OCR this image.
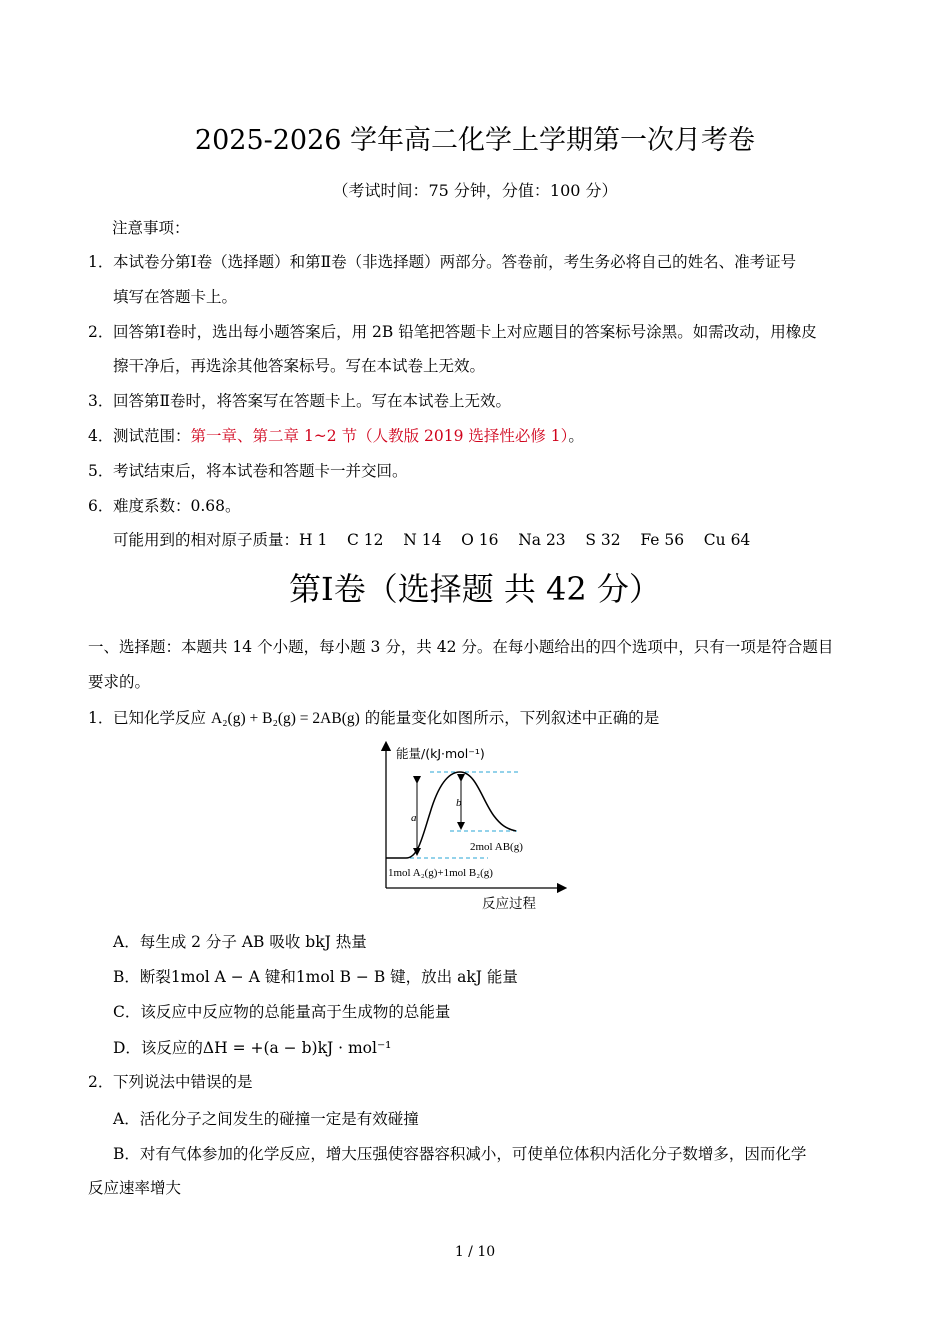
2025-2026 学年高二化学上学期第一次月考卷
（考试时间：75 分钟，分值：100 分）
注意事项：
1． 本试卷分第Ⅰ卷（选择题）和第Ⅱ卷（非选择题）两部分。答卷前，考生务必将自己的姓名、准考证号
填写在答题卡上。
2． 回答第Ⅰ卷时，选出每小题答案后，用 2B 铅笔把答题卡上对应题目的答案标号涂黑。如需改动，用橡皮
擦干净后，再选涂其他答案标号。写在本试卷上无效。
3． 回答第Ⅱ卷时，将答案写在答题卡上。写在本试卷上无效。
4． 测试范围：第一章、第二章 1~2 节（人教版 2019 选择性必修 1）。
5． 考试结束后，将本试卷和答题卡一并交回。
6． 难度系数：0.68。
可能用到的相对原子质量：H 1    C 12    N 14    O 16    Na 23    S 32    Fe 56    Cu 64
第Ⅰ卷（选择题 共 42 分）
一、选择题：本题共 14 个小题，每小题 3 分，共 42 分。在每小题给出的四个选项中，只有一项是符合题目
要求的。
1． 已知化学反应 A₂(g) + B₂(g) = 2AB(g) 的能量变化如图所示，下列叙述中正确的是
a
b
能量/(kJ·mol⁻¹)
2mol AB(g)
1mol A₂(g)+1mol B₂(g)
反应过程
A．每生成 2 分子 AB 吸收 bkJ 热量
B．断裂1mol A − A 键和1mol B − B 键，放出 akJ 能量
C．该反应中反应物的总能量高于生成物的总能量
D．该反应的ΔH = +(a − b)kJ · mol⁻¹
2． 下列说法中错误的是
A．活化分子之间发生的碰撞一定是有效碰撞
B．对有气体参加的化学反应，增大压强使容器容积减小，可使单位体积内活化分子数增多，因而化学
反应速率增大
1 / 10
